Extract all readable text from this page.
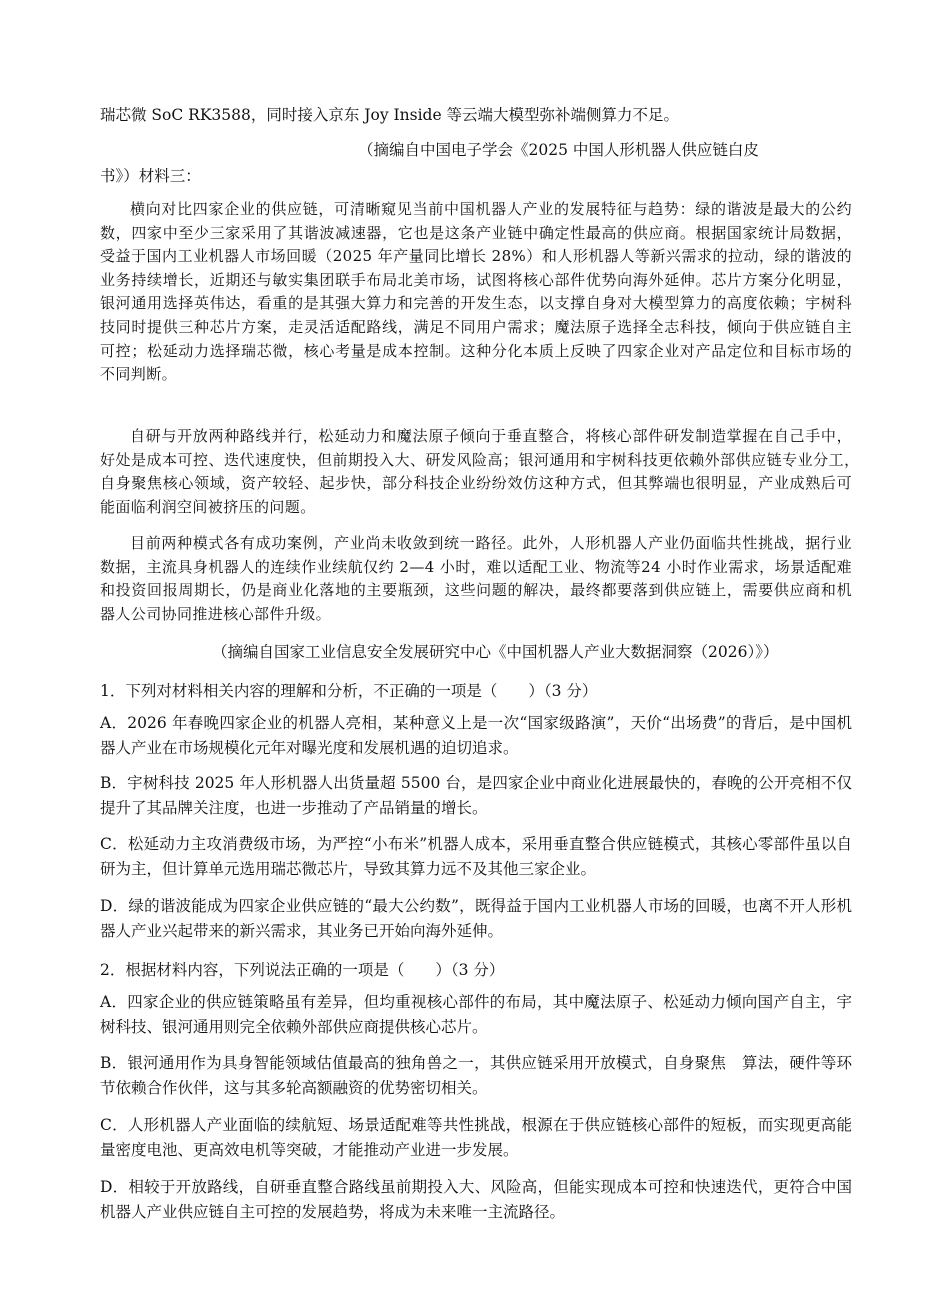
瑞芯微 SoC RK3588，同时接入京东 Joy Inside 等云端大模型弥补端侧算力不足。
（摘编自中国电子学会《2025 中国人形机器人供应链白皮
书》）材料三：
横向对比四家企业的供应链，可清晰窥见当前中国机器人产业的发展特征与趋势：绿的谐波是最大的公约数，四家中至少三家采用了其谐波减速器，它也是这条产业链中确定性最高的供应商。根据国家统计局数据，受益于国内工业机器人市场回暖（2025 年产量同比增长 28%）和人形机器人等新兴需求的拉动，绿的谐波的业务持续增长，近期还与敏实集团联手布局北美市场，试图将核心部件优势向海外延伸。芯片方案分化明显，银河通用选择英伟达，看重的是其强大算力和完善的开发生态，以支撑自身对大模型算力的高度依赖；宇树科技同时提供三种芯片方案，走灵活适配路线，满足不同用户需求；魔法原子选择全志科技，倾向于供应链自主可控；松延动力选择瑞芯微，核心考量是成本控制。这种分化本质上反映了四家企业对产品定位和目标市场的不同判断。
自研与开放两种路线并行，松延动力和魔法原子倾向于垂直整合，将核心部件研发制造掌握在自己手中，好处是成本可控、迭代速度快，但前期投入大、研发风险高；银河通用和宇树科技更依赖外部供应链专业分工，　自身聚焦核心领域，资产较轻、起步快，部分科技企业纷纷效仿这种方式，但其弊端也很明显，产业成熟后可能面临利润空间被挤压的问题。
目前两种模式各有成功案例，产业尚未收敛到统一路径。此外，人形机器人产业仍面临共性挑战，据行业数据，主流具身机器人的连续作业续航仅约 2—4 小时，难以适配工业、物流等24 小时作业需求，场景适配难和投资回报周期长，仍是商业化落地的主要瓶颈，这些问题的解决，最终都要落到供应链上，需要供应商和机器人公司协同推进核心部件升级。
（摘编自国家工业信息安全发展研究中心《中国机器人产业大数据洞察（2026）》）
1．下列对材料相关内容的理解和分析，不正确的一项是（　　）（3 分）
A．2026 年春晚四家企业的机器人亮相，某种意义上是一次“国家级路演”，天价“出场费”的背后，是中国机器人产业在市场规模化元年对曝光度和发展机遇的迫切追求。
B．宇树科技 2025 年人形机器人出货量超 5500 台，是四家企业中商业化进展最快的，春晚的公开亮相不仅提升了其品牌关注度，也进一步推动了产品销量的增长。
C．松延动力主攻消费级市场，为严控“小布米”机器人成本，采用垂直整合供应链模式，其核心零部件虽以自研为主，但计算单元选用瑞芯微芯片，导致其算力远不及其他三家企业。
D．绿的谐波能成为四家企业供应链的“最大公约数”，既得益于国内工业机器人市场的回暖，也离不开人形机器人产业兴起带来的新兴需求，其业务已开始向海外延伸。
2．根据材料内容，下列说法正确的一项是（　　）（3 分）
A．四家企业的供应链策略虽有差异，但均重视核心部件的布局，其中魔法原子、松延动力倾向国产自主，宇树科技、银河通用则完全依赖外部供应商提供核心芯片。
B．银河通用作为具身智能领域估值最高的独角兽之一，其供应链采用开放模式，自身聚焦　算法，硬件等环节依赖合作伙伴，这与其多轮高额融资的优势密切相关。
C．人形机器人产业面临的续航短、场景适配难等共性挑战，根源在于供应链核心部件的短板，而实现更高能量密度电池、更高效电机等突破，才能推动产业进一步发展。
D．相较于开放路线，自研垂直整合路线虽前期投入大、风险高，但能实现成本可控和快速迭代，更符合中国机器人产业供应链自主可控的发展趋势，将成为未来唯一主流路径。
